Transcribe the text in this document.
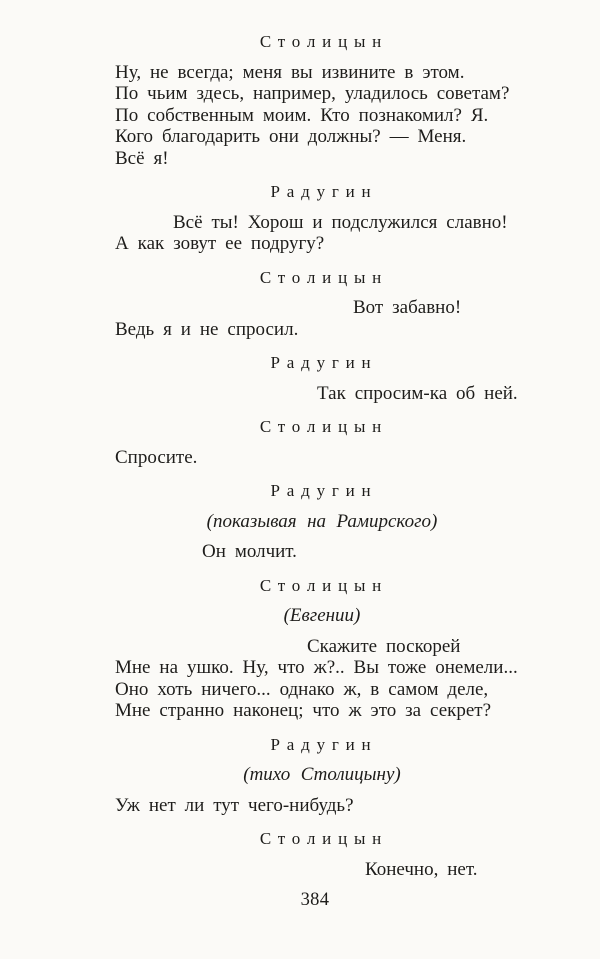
Столицын
Ну, не всегда; меня вы извините в этом.
По чьим здесь, например, уладилось советам?
По собственным моим. Кто познакомил? Я.
Кого благодарить они должны? — Меня.
Всё я!
Радугин
Всё ты! Хорош и подслужился славно!
А как зовут ее подругу?
Столицын
Вот забавно!
Ведь я и не спросил.
Радугин
Так спросим-ка об ней.
Столицын
Спросите.
Радугин
(показывая на Рамирского)
Он молчит.
Столицын
(Евгении)
Скажите поскорей
Мне на ушко. Ну, что ж?.. Вы тоже онемели...
Оно хоть ничего... однако ж, в самом деле,
Мне странно наконец; что ж это за секрет?
Радугин
(тихо Столицыну)
Уж нет ли тут чего-нибудь?
Столицын
Конечно, нет.
384
